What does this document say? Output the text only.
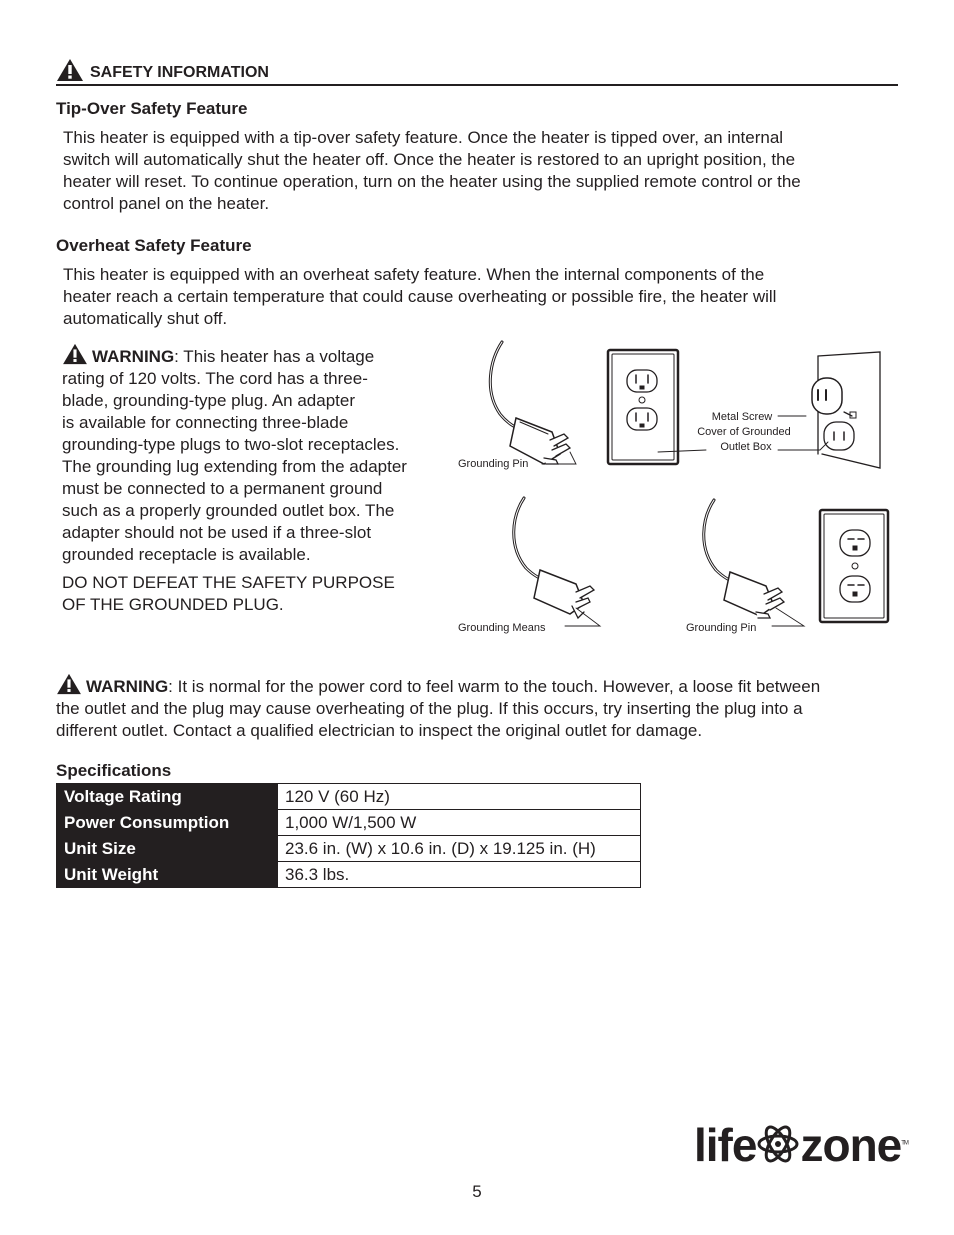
SAFETY INFORMATION
Tip-Over Safety Feature
This heater is equipped with a tip-over safety feature. Once the heater is tipped over, an internal
switch will automatically shut the heater off. Once the heater is restored to an upright position, the
heater will reset. To continue operation, turn on the heater using the supplied remote control or the
control panel on the heater.
Overheat Safety Feature
This heater is equipped with an overheat safety feature. When the internal components of the
heater reach a certain temperature that could cause overheating or possible fire, the heater will
automatically shut off.
WARNING: This heater has a voltage
rating of 120 volts. The cord has a three-
blade, grounding-type plug. An adapter
is available for connecting three-blade
grounding-type plugs to two-slot receptacles.
The grounding lug extending from the adapter
must be connected to a permanent ground
such as a properly grounded outlet box. The
adapter should not be used if a three-slot
grounded receptacle is available.
DO NOT DEFEAT THE SAFETY PURPOSE
OF THE GROUNDED PLUG.
Grounding Pin
Metal Screw
Cover of Grounded
Outlet Box
Grounding Means	Grounding Pin
WARNING: It is normal for the power cord to feel warm to the touch. However, a loose fit between
the outlet and the plug may cause overheating of the plug. If this occurs, try inserting the plug into a
different outlet. Contact a qualified electrician to inspect the original outlet for damage.
Specifications
Voltage Rating	120 V (60 Hz)
Power Consumption	1,000 W/1,500 W
Unit Size	23.6 in. (W) x 10.6 in. (D) x 19.125 in. (H)
Unit Weight	36.3 lbs.
life zone™
5
